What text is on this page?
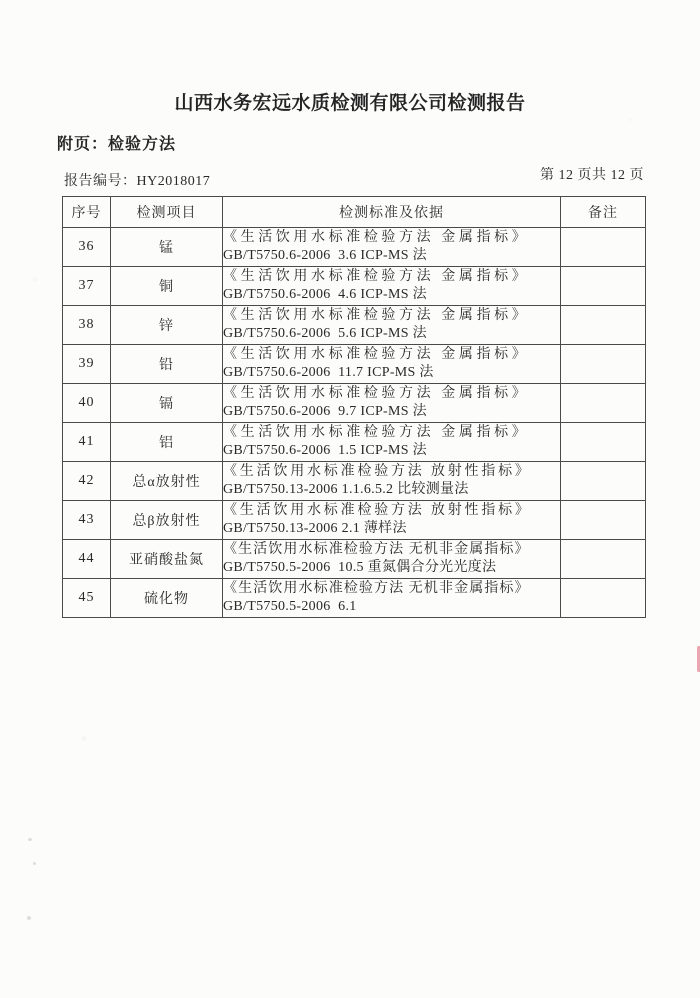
山西水务宏远水质检测有限公司检测报告
附页：检验方法
报告编号：HY2018017	第 12 页共 12 页
序号	检测项目	检测标准及依据	备注
36	锰	《生活饮用水标准检验方法 金属指标》
GB/T5750.6-2006  3.6 ICP-MS 法	

37	铜	《生活饮用水标准检验方法 金属指标》
GB/T5750.6-2006  4.6 ICP-MS 法	

38	锌	《生活饮用水标准检验方法 金属指标》
GB/T5750.6-2006  5.6 ICP-MS 法	

39	铅	《生活饮用水标准检验方法 金属指标》
GB/T5750.6-2006  11.7 ICP-MS 法	

40	镉	《生活饮用水标准检验方法 金属指标》
GB/T5750.6-2006  9.7 ICP-MS 法	

41	铝	《生活饮用水标准检验方法 金属指标》
GB/T5750.6-2006  1.5 ICP-MS 法	

42	总α放射性	《生活饮用水标准检验方法 放射性指标》
GB/T5750.13-2006 1.1.6.5.2 比较测量法	

43	总β放射性	《生活饮用水标准检验方法 放射性指标》
GB/T5750.13-2006 2.1 薄样法	

44	亚硝酸盐氮	《生活饮用水标准检验方法 无机非金属指标》
GB/T5750.5-2006  10.5 重氮偶合分光光度法	

45	硫化物	《生活饮用水标准检验方法 无机非金属指标》
GB/T5750.5-2006  6.1	
